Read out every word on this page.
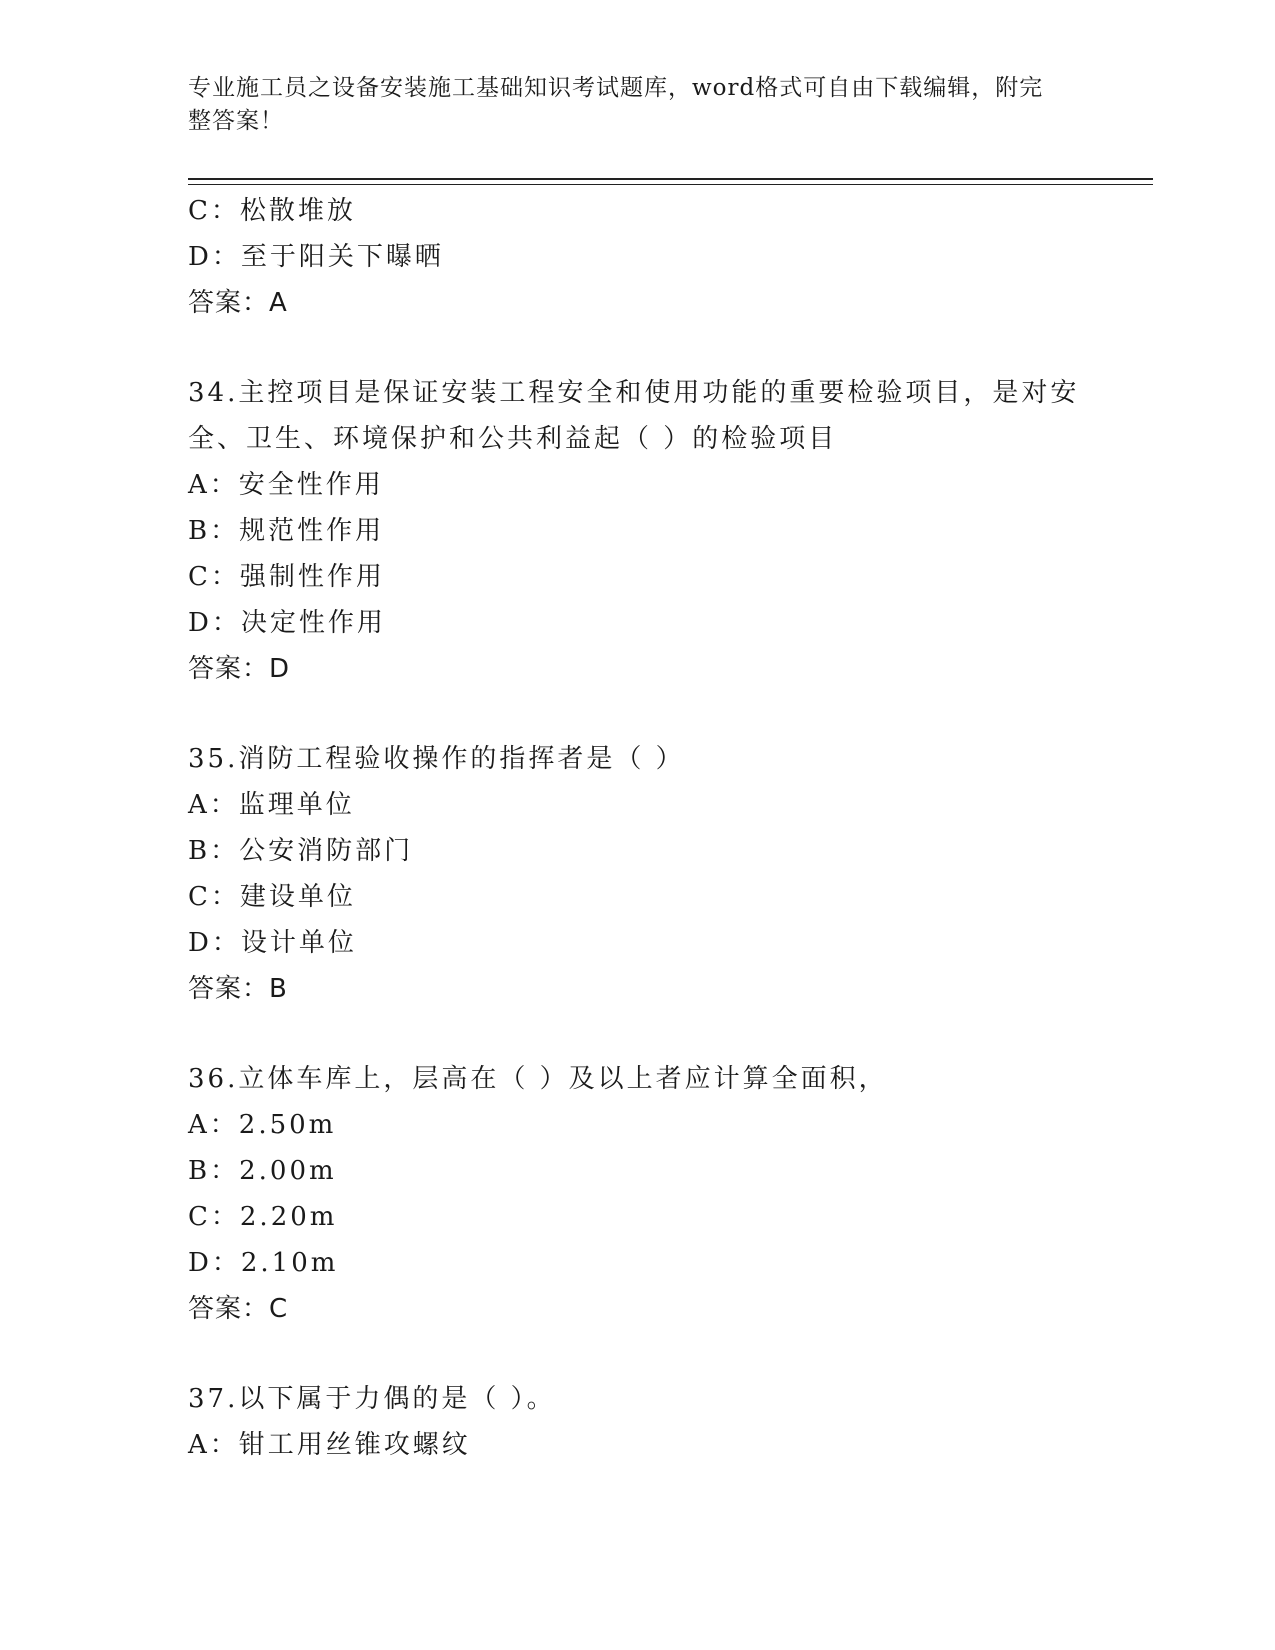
专业施工员之设备安装施工基础知识考试题库，word格式可自由下载编辑，附完
整答案！
C：松散堆放
D：至于阳关下曝晒
答案：A
34.主控项目是保证安装工程安全和使用功能的重要检验项目，是对安
全、卫生、环境保护和公共利益起（ ）的检验项目
A：安全性作用
B：规范性作用
C：强制性作用
D：决定性作用
答案：D
35.消防工程验收操作的指挥者是（ ）
A：监理单位
B：公安消防部门
C：建设单位
D：设计单位
答案：B
36.立体车库上，层高在（ ）及以上者应计算全面积，
A：2.50m
B：2.00m
C：2.20m
D：2.10m
答案：C
37.以下属于力偶的是（ ）。
A：钳工用丝锥攻螺纹
